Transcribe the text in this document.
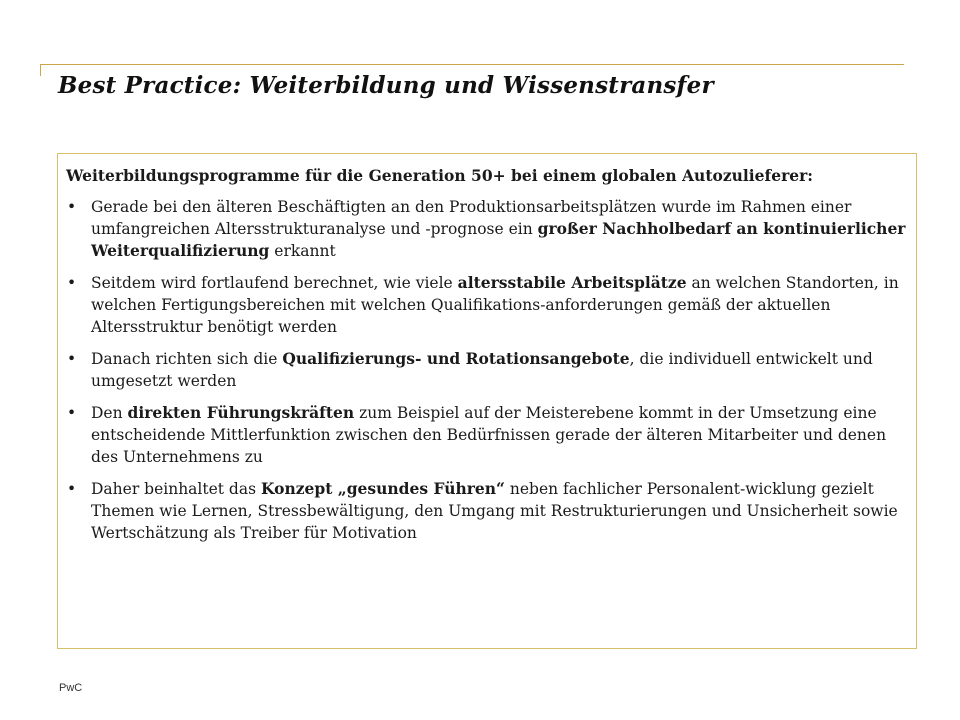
Best Practice: Weiterbildung und Wissenstransfer

Weiterbildungsprogramme für die Generation 50+ bei einem globalen Autozulieferer:

• Gerade bei den älteren Beschäftigten an den Produktionsarbeitsplätzen wurde im Rahmen einer umfangreichen Altersstrukturanalyse und -prognose ein großer Nachholbedarf an kontinuierlicher Weiterqualifizierung erkannt
• Seitdem wird fortlaufend berechnet, wie viele altersstabile Arbeitsplätze an welchen Standorten, in welchen Fertigungsbereichen mit welchen Qualifikations-anforderungen gemäß der aktuellen Altersstruktur benötigt werden
• Danach richten sich die Qualifizierungs- und Rotationsangebote, die individuell entwickelt und umgesetzt werden
• Den direkten Führungskräften zum Beispiel auf der Meisterebene kommt in der Umsetzung eine entscheidende Mittlerfunktion zwischen den Bedürfnissen gerade der älteren Mitarbeiter und denen des Unternehmens zu
• Daher beinhaltet das Konzept „gesundes Führen“ neben fachlicher Personalent-wicklung gezielt Themen wie Lernen, Stressbewältigung, den Umgang mit Restrukturierungen und Unsicherheit sowie Wertschätzung als Treiber für Motivation
PwC
